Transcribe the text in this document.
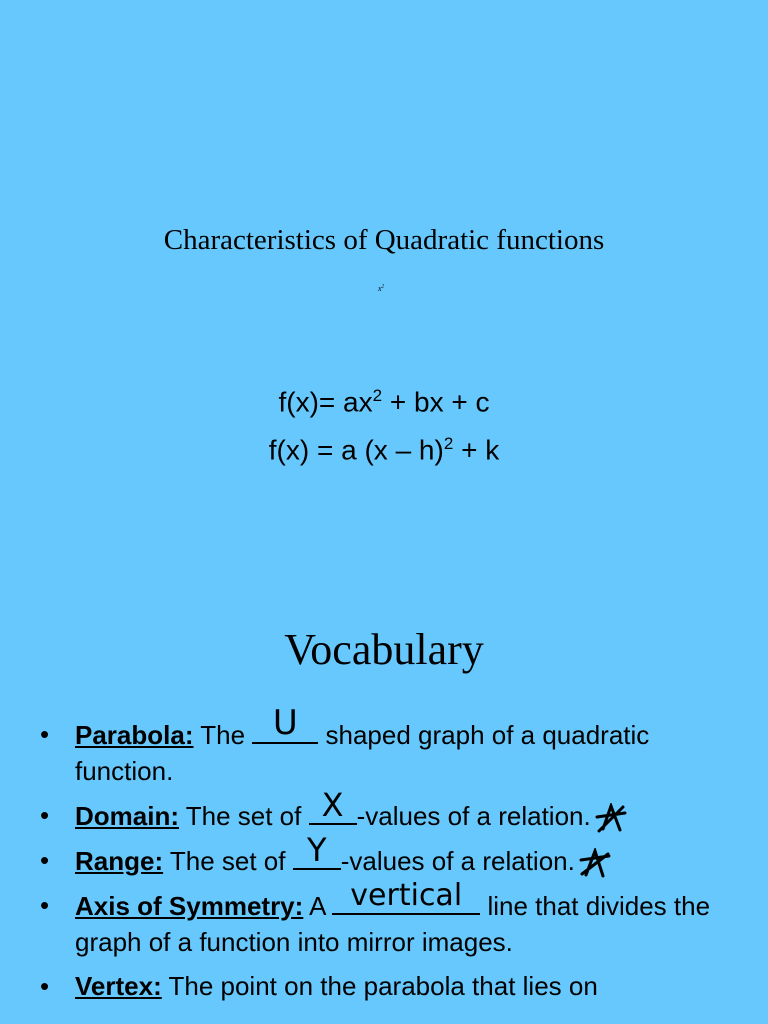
Characteristics of Quadratic functions
$x^2$
$f(x)= ax^2$ + bx + c
f(x) = a (x – h)$^2$ + k
Vocabulary
• Parabola: The U shaped graph of a quadratic function.
• Domain: The set of X -values of a relation.
• Range: The set of Y -values of a relation.
• Axis of Symmetry: A vertical line that divides the graph of a function into mirror images.
• Vertex: The point on the parabola that lies on
